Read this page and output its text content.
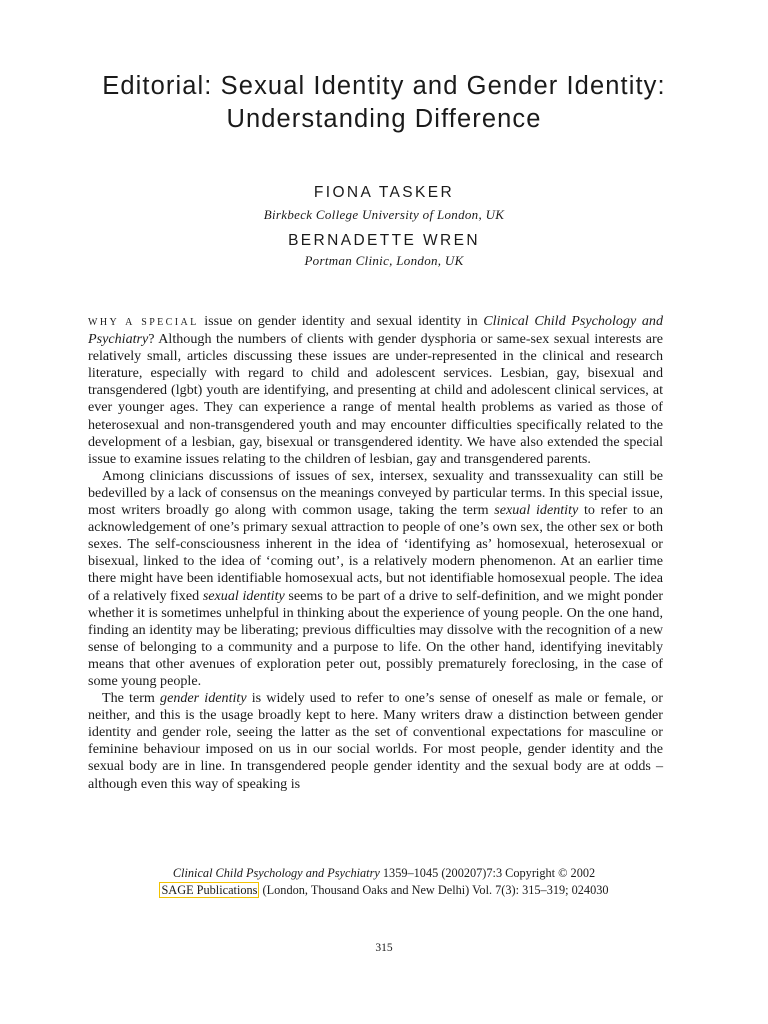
Editorial: Sexual Identity and Gender Identity:
Understanding Difference

FIONA TASKER

Birkbeck College University of London, UK

BERNADETTE WREN

Portman Clinic, London, UK

WHY A SPECIAL issue on gender identity and sexual identity in Clinical Child Psychology and Psychiatry? Although the numbers of clients with gender dysphoria or same-sex sexual interests are relatively small, articles discussing these issues are under-represented in the clinical and research literature, especially with regard to child and adolescent services. Lesbian, gay, bisexual and transgendered (lgbt) youth are identifying, and presenting at child and adolescent clinical services, at ever younger ages. They can experience a range of mental health problems as varied as those of heterosexual and non-transgendered youth and may encounter difficulties specifically related to the development of a lesbian, gay, bisexual or transgendered identity. We have also extended the special issue to examine issues relating to the children of lesbian, gay and transgendered parents.

Among clinicians discussions of issues of sex, intersex, sexuality and transsexuality can still be bedevilled by a lack of consensus on the meanings conveyed by particular terms. In this special issue, most writers broadly go along with common usage, taking the term sexual identity to refer to an acknowledgement of one’s primary sexual attraction to people of one’s own sex, the other sex or both sexes. The self-consciousness inherent in the idea of ‘identifying as’ homosexual, heterosexual or bisexual, linked to the idea of ‘coming out’, is a relatively modern phenomenon. At an earlier time there might have been identifiable homosexual acts, but not identifiable homosexual people. The idea of a relatively fixed sexual identity seems to be part of a drive to self-definition, and we might ponder whether it is sometimes unhelpful in thinking about the experience of young people. On the one hand, finding an identity may be liberating; previous difficulties may dissolve with the recognition of a new sense of belonging to a community and a purpose to life. On the other hand, identifying inevitably means that other avenues of exploration peter out, possibly prematurely foreclosing, in the case of some young people.

The term gender identity is widely used to refer to one’s sense of oneself as male or female, or neither, and this is the usage broadly kept to here. Many writers draw a distinction between gender identity and gender role, seeing the latter as the set of conventional expectations for masculine or feminine behaviour imposed on us in our social worlds. For most people, gender identity and the sexual body are in line. In transgendered people gender identity and the sexual body are at odds – although even this way of speaking is

Clinical Child Psychology and Psychiatry 1359–1045 (200207)7:3 Copyright © 2002
SAGE Publications (London, Thousand Oaks and New Delhi) Vol. 7(3): 315–319; 024030
315
